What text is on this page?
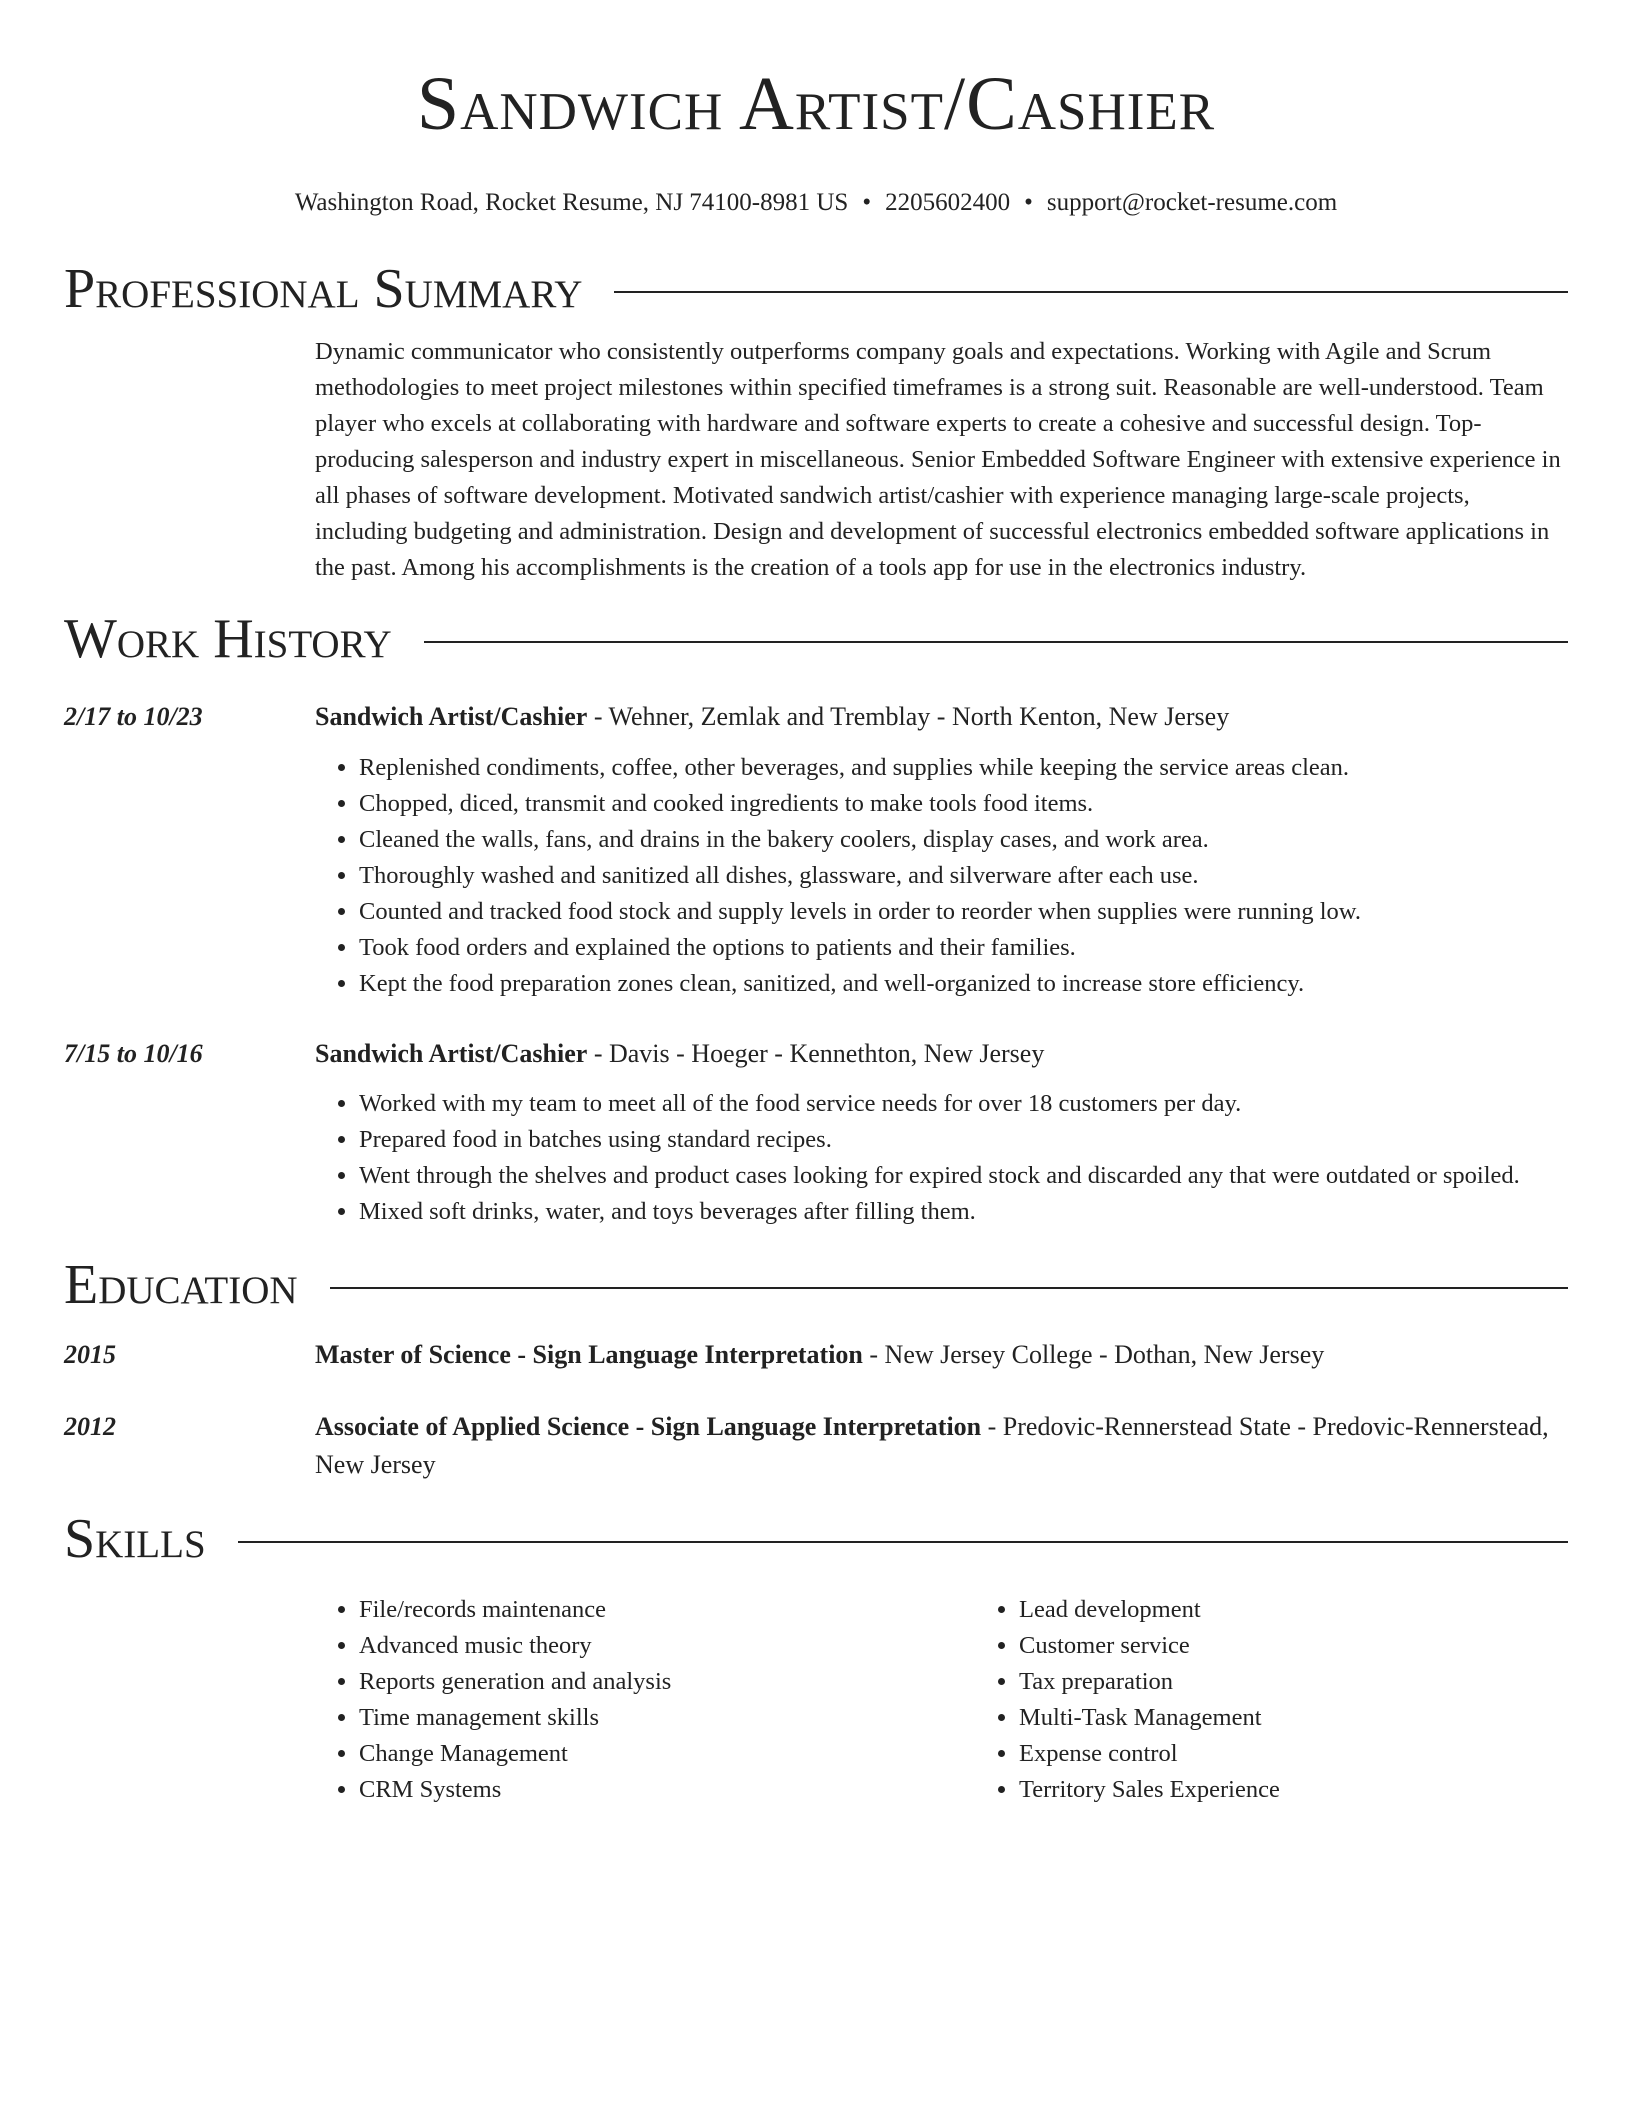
Sandwich Artist/Cashier
Washington Road, Rocket Resume, NJ 74100-8981 US • 2205602400 • support@rocket-resume.com
Professional Summary

Dynamic communicator who consistently outperforms company goals and expectations. Working with Agile and Scrum methodologies to meet project milestones within specified timeframes is a strong suit. Reasonable are well-understood. Team player who excels at collaborating with hardware and software experts to create a cohesive and successful design. Top-producing salesperson and industry expert in miscellaneous. Senior Embedded Software Engineer with extensive experience in all phases of software development. Motivated sandwich artist/cashier with experience managing large-scale projects, including budgeting and administration. Design and development of successful electronics embedded software applications in the past. Among his accomplishments is the creation of a tools app for use in the electronics industry.

Work History
2/17 to 10/23	Sandwich Artist/Cashier - Wehner, Zemlak and Tremblay - North Kenton, New Jersey
• Replenished condiments, coffee, other beverages, and supplies while keeping the service areas clean.
• Chopped, diced, transmit and cooked ingredients to make tools food items.
• Cleaned the walls, fans, and drains in the bakery coolers, display cases, and work area.
• Thoroughly washed and sanitized all dishes, glassware, and silverware after each use.
• Counted and tracked food stock and supply levels in order to reorder when supplies were running low.
• Took food orders and explained the options to patients and their families.
• Kept the food preparation zones clean, sanitized, and well-organized to increase store efficiency.
7/15 to 10/16	Sandwich Artist/Cashier - Davis - Hoeger - Kennethton, New Jersey
• Worked with my team to meet all of the food service needs for over 18 customers per day.
• Prepared food in batches using standard recipes.
• Went through the shelves and product cases looking for expired stock and discarded any that were outdated or spoiled.
• Mixed soft drinks, water, and toys beverages after filling them.
Education
2015	Master of Science - Sign Language Interpretation - New Jersey College - Dothan, New Jersey
2012	Associate of Applied Science - Sign Language Interpretation - Predovic-Rennerstead State - Predovic-Rennerstead, New Jersey
Skills
• File/records maintenance
• Advanced music theory
• Reports generation and analysis
• Time management skills
• Change Management
• CRM Systems
• Lead development
• Customer service
• Tax preparation
• Multi-Task Management
• Expense control
• Territory Sales Experience
